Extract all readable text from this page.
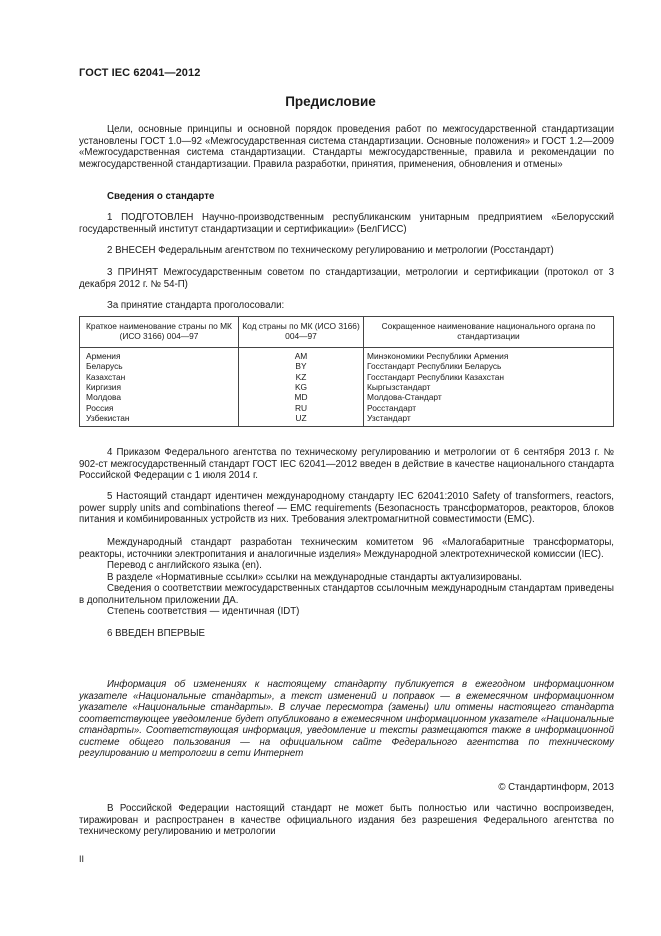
ГОСТ IEC 62041—2012
Предисловие
Цели, основные принципы и основной порядок проведения работ по межгосударственной стандартизации установлены ГОСТ 1.0—92 «Межгосударственная система стандартизации. Основные положения» и ГОСТ 1.2—2009 «Межгосударственная система стандартизации. Стандарты межгосударственные, правила и рекомендации по межгосударственной стандартизации. Правила разработки, принятия, применения, обновления и отмены»
Сведения о стандарте
1 ПОДГОТОВЛЕН Научно-производственным республиканским унитарным предприятием «Белорусский государственный институт стандартизации и сертификации» (БелГИСС)
2 ВНЕСЕН Федеральным агентством по техническому регулированию и метрологии (Росстандарт)
3 ПРИНЯТ Межгосударственным советом по стандартизации, метрологии и сертификации (протокол от 3 декабря 2012 г. № 54-П)
За принятие стандарта проголосовали:
Краткое наименование страны по МК (ИСО 3166) 004—97	Код страны по МК (ИСО 3166) 004—97	Сокращенное наименование национального органа по стандартизации
Армения	AM	Минэкономики Республики Армения
Беларусь	BY	Госстандарт Республики Беларусь
Казахстан	KZ	Госстандарт Республики Казахстан
Киргизия	KG	Кыргызстандарт
Молдова	MD	Молдова-Стандарт
Россия	RU	Росстандарт
Узбекистан	UZ	Узстандарт
4 Приказом Федерального агентства по техническому регулированию и метрологии от 6 сентября 2013 г. № 902-ст межгосударственный стандарт ГОСТ IEC 62041—2012 введен в действие в качестве национального стандарта Российской Федерации с 1 июля 2014 г.
5 Настоящий стандарт идентичен международному стандарту IEC 62041:2010 Safety of transformers, reactors, power supply units and combinations thereof — EMC requirements (Безопасность трансформаторов, реакторов, блоков питания и комбинированных устройств из них. Требования электромагнитной совместимости (EMC).
Международный стандарт разработан техническим комитетом 96 «Малогабаритные трансформаторы, реакторы, источники электропитания и аналогичные изделия» Международной электротехнической комиссии (IEC).
Перевод с английского языка (en).
В разделе «Нормативные ссылки» ссылки на международные стандарты актуализированы.
Сведения о соответствии межгосударственных стандартов ссылочным международным стандартам приведены в дополнительном приложении ДА.
Степень соответствия — идентичная (IDT)
6 ВВЕДЕН ВПЕРВЫЕ
Информация об изменениях к настоящему стандарту публикуется в ежегодном информационном указателе «Национальные стандарты», а текст изменений и поправок — в ежемесячном информационном указателе «Национальные стандарты». В случае пересмотра (замены) или отмены настоящего стандарта соответствующее уведомление будет опубликовано в ежемесячном информационном указателе «Национальные стандарты». Соответствующая информация, уведомление и тексты размещаются также в информационной системе общего пользования — на официальном сайте Федерального агентства по техническому регулированию и метрологии в сети Интернет
© Стандартинформ, 2013
В Российской Федерации настоящий стандарт не может быть полностью или частично воспроизведен, тиражирован и распространен в качестве официального издания без разрешения Федерального агентства по техническому регулированию и метрологии
II
